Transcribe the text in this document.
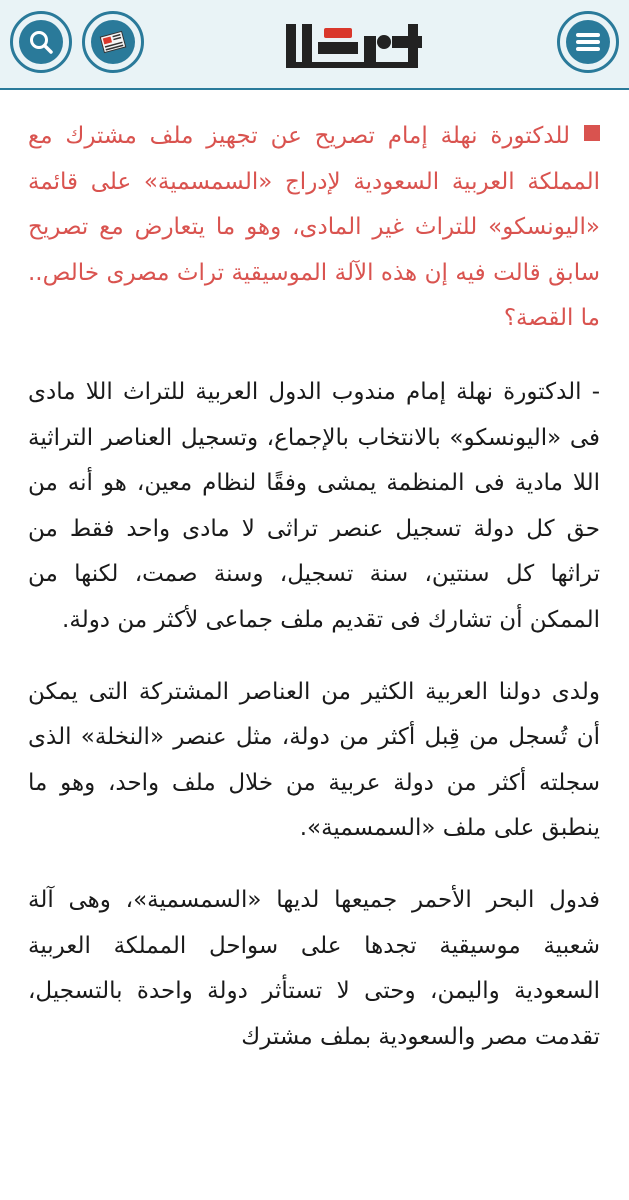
للدكتورة نهلة إمام تصريح عن تجهيز ملف مشترك مع المملكة العربية السعودية لإدراج «السمسمية» على قائمة «اليونسكو» للتراث غير المادى، وهو ما يتعارض مع تصريح سابق قالت فيه إن هذه الآلة الموسيقية تراث مصرى خالص.. ما القصة؟

- الدكتورة نهلة إمام مندوب الدول العربية للتراث اللا مادى فى «اليونسكو» بالانتخاب بالإجماع، وتسجيل العناصر التراثية اللا مادية فى المنظمة يمشى وفقًا لنظام معين، هو أنه من حق كل دولة تسجيل عنصر تراثى لا مادى واحد فقط من تراثها كل سنتين، سنة تسجيل، وسنة صمت، لكنها من الممكن أن تشارك فى تقديم ملف جماعى لأكثر من دولة.

ولدى دولنا العربية الكثير من العناصر المشتركة التى يمكن أن تُسجل من قِبل أكثر من دولة، مثل عنصر «النخلة» الذى سجلته أكثر من دولة عربية من خلال ملف واحد، وهو ما ينطبق على ملف «السمسمية».

فدول البحر الأحمر جميعها لديها «السمسمية»، وهى آلة شعبية موسيقية تجدها على سواحل المملكة العربية السعودية واليمن، وحتى لا تستأثر دولة واحدة بالتسجيل، تقدمت مصر والسعودية بملف مشترك
